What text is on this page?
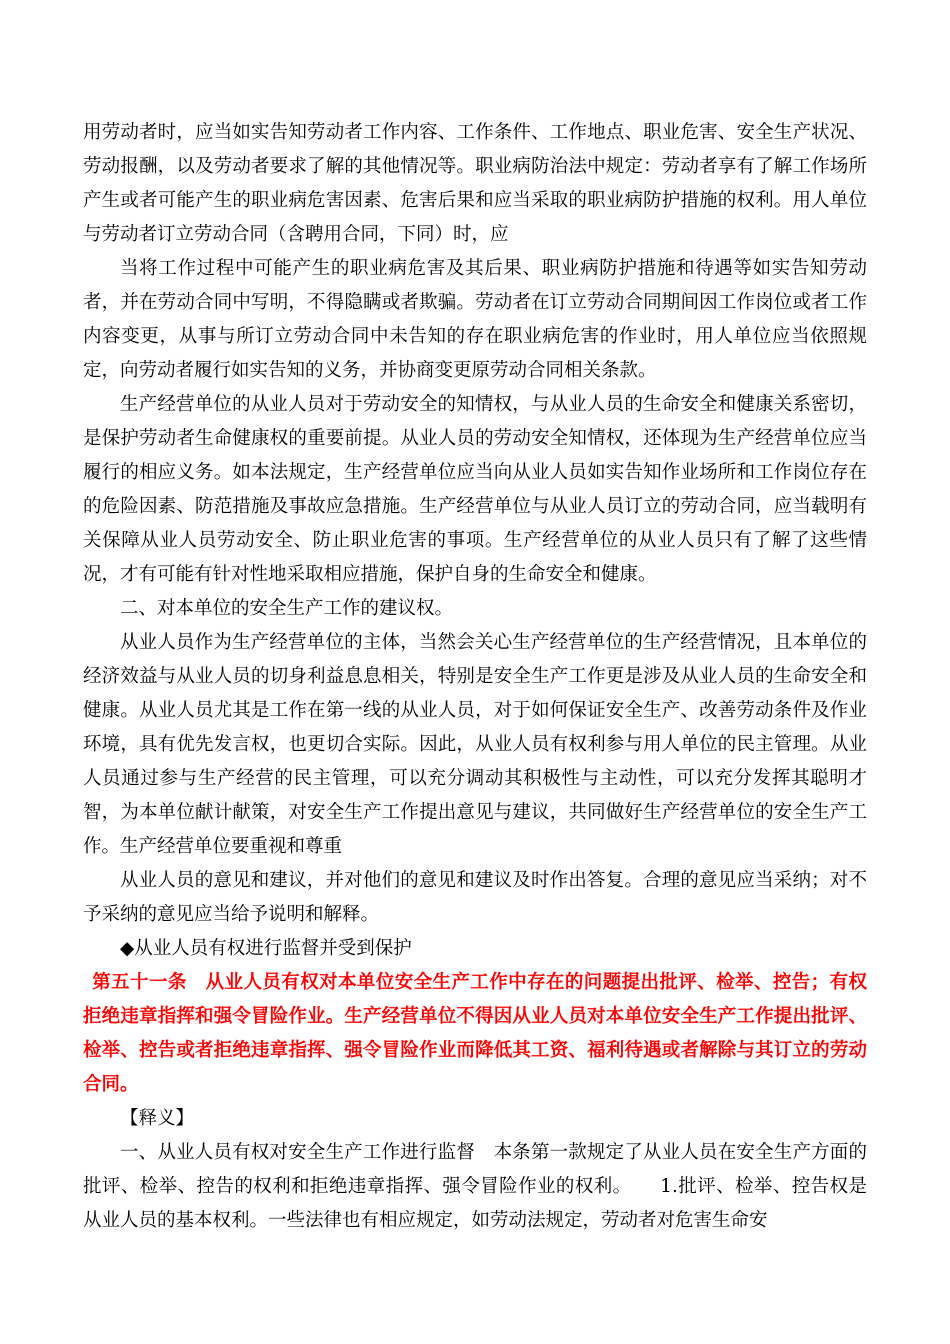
用劳动者时，应当如实告知劳动者工作内容、工作条件、工作地点、职业危害、安全生产状况、劳动报酬，以及劳动者要求了解的其他情况等。职业病防治法中规定：劳动者享有了解工作场所产生或者可能产生的职业病危害因素、危害后果和应当采取的职业病防护措施的权利。用人单位与劳动者订立劳动合同（含聘用合同，下同）时，应

当将工作过程中可能产生的职业病危害及其后果、职业病防护措施和待遇等如实告知劳动者，并在劳动合同中写明，不得隐瞒或者欺骗。劳动者在订立劳动合同期间因工作岗位或者工作内容变更，从事与所订立劳动合同中未告知的存在职业病危害的作业时，用人单位应当依照规定，向劳动者履行如实告知的义务，并协商变更原劳动合同相关条款。

生产经营单位的从业人员对于劳动安全的知情权，与从业人员的生命安全和健康关系密切，是保护劳动者生命健康权的重要前提。从业人员的劳动安全知情权，还体现为生产经营单位应当履行的相应义务。如本法规定，生产经营单位应当向从业人员如实告知作业场所和工作岗位存在的危险因素、防范措施及事故应急措施。生产经营单位与从业人员订立的劳动合同，应当载明有关保障从业人员劳动安全、防止职业危害的事项。生产经营单位的从业人员只有了解了这些情况，才有可能有针对性地采取相应措施，保护自身的生命安全和健康。

二、对本单位的安全生产工作的建议权。

从业人员作为生产经营单位的主体，当然会关心生产经营单位的生产经营情况，且本单位的经济效益与从业人员的切身利益息息相关，特别是安全生产工作更是涉及从业人员的生命安全和健康。从业人员尤其是工作在第一线的从业人员，对于如何保证安全生产、改善劳动条件及作业环境，具有优先发言权，也更切合实际。因此，从业人员有权利参与用人单位的民主管理。从业人员通过参与生产经营的民主管理，可以充分调动其积极性与主动性，可以充分发挥其聪明才智，为本单位献计献策，对安全生产工作提出意见与建议，共同做好生产经营单位的安全生产工作。生产经营单位要重视和尊重

从业人员的意见和建议，并对他们的意见和建议及时作出答复。合理的意见应当采纳；对不予采纳的意见应当给予说明和解释。

◆从业人员有权进行监督并受到保护

第五十一条　从业人员有权对本单位安全生产工作中存在的问题提出批评、检举、控告；有权拒绝违章指挥和强令冒险作业。生产经营单位不得因从业人员对本单位安全生产工作提出批评、检举、控告或者拒绝违章指挥、强令冒险作业而降低其工资、福利待遇或者解除与其订立的劳动合同。

【释义】

一、从业人员有权对安全生产工作进行监督　本条第一款规定了从业人员在安全生产方面的批评、检举、控告的权利和拒绝违章指挥、强令冒险作业的权利。　　1.批评、检举、控告权是从业人员的基本权利。一些法律也有相应规定，如劳动法规定，劳动者对危害生命安
